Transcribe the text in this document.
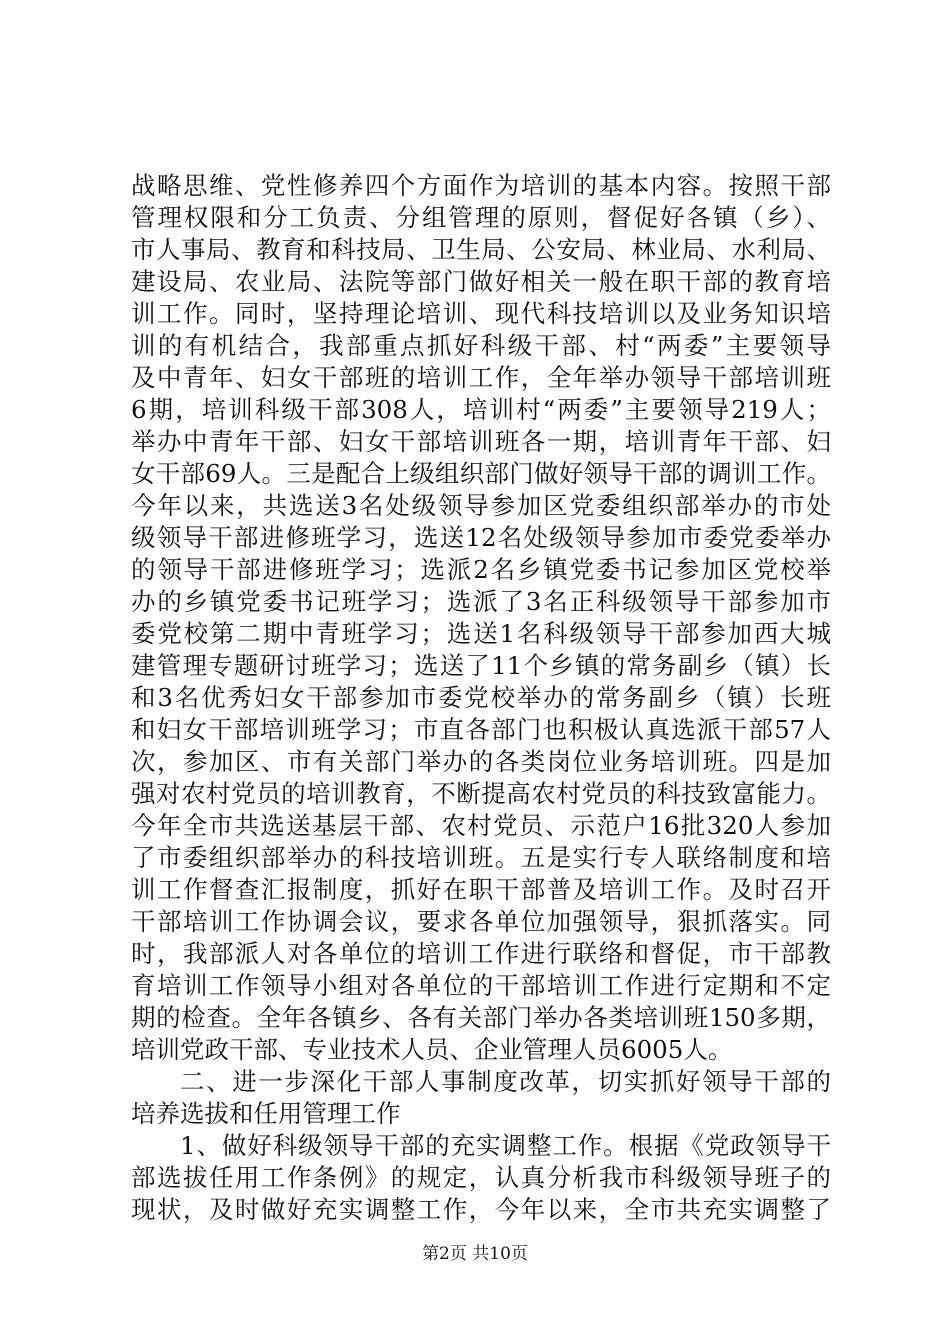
战略思维、党性修养四个方面作为培训的基本内容。按照干部
管理权限和分工负责、分组管理的原则，督促好各镇（乡）、
市人事局、教育和科技局、卫生局、公安局、林业局、水利局、
建设局、农业局、法院等部门做好相关一般在职干部的教育培
训工作。同时，坚持理论培训、现代科技培训以及业务知识培
训的有机结合，我部重点抓好科级干部、村“两委”主要领导
及中青年、妇女干部班的培训工作，全年举办领导干部培训班
6期，培训科级干部308人，培训村“两委”主要领导219人；
举办中青年干部、妇女干部培训班各一期，培训青年干部、妇
女干部69人。三是配合上级组织部门做好领导干部的调训工作。
今年以来，共选送3名处级领导参加区党委组织部举办的市处
级领导干部进修班学习，选送12名处级领导参加市委党委举办
的领导干部进修班学习；选派2名乡镇党委书记参加区党校举
办的乡镇党委书记班学习；选派了3名正科级领导干部参加市
委党校第二期中青班学习；选送1名科级领导干部参加西大城
建管理专题研讨班学习；选送了11个乡镇的常务副乡（镇）长
和3名优秀妇女干部参加市委党校举办的常务副乡（镇）长班
和妇女干部培训班学习；市直各部门也积极认真选派干部57人
次，参加区、市有关部门举办的各类岗位业务培训班。四是加
强对农村党员的培训教育，不断提高农村党员的科技致富能力。
今年全市共选送基层干部、农村党员、示范户16批320人参加
了市委组织部举办的科技培训班。五是实行专人联络制度和培
训工作督查汇报制度，抓好在职干部普及培训工作。及时召开
干部培训工作协调会议，要求各单位加强领导，狠抓落实。同
时，我部派人对各单位的培训工作进行联络和督促，市干部教
育培训工作领导小组对各单位的干部培训工作进行定期和不定
期的检查。全年各镇乡、各有关部门举办各类培训班150多期，
培训党政干部、专业技术人员、企业管理人员6005人。
二、进一步深化干部人事制度改革，切实抓好领导干部的
培养选拔和任用管理工作
1、做好科级领导干部的充实调整工作。根据《党政领导干
部选拔任用工作条例》的规定，认真分析我市科级领导班子的
现状，及时做好充实调整工作，今年以来，全市共充实调整了
第2页 共10页
